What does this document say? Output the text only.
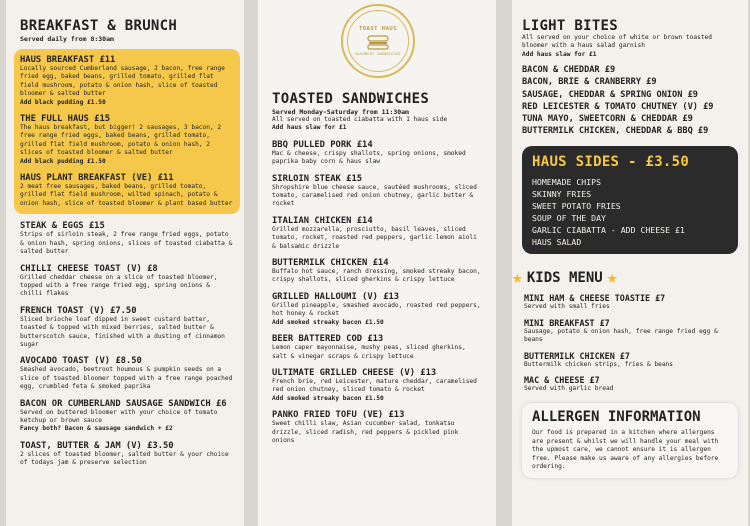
BREAKFAST & BRUNCH
Served daily from 8:30am
HAUS BREAKFAST £11
Locally sourced Cumberland sausage, 2 bacon, free range fried egg, baked beans, grilled tomato, grilled flat field mushroom, potato & onion hash, slice of toasted bloomer & salted butter
Add black pudding £1.50
THE FULL HAUS £15
The haus breakfast, but bigger! 2 sausages, 3 bacon, 2 free range fried eggs, baked beans, grilled tomato, grilled flat field mushroom, potato & onion hash, 2 slices of toasted bloomer & salted butter
Add black pudding £1.50
HAUS PLANT BREAKFAST (VE) £11
2 meat free sausages, baked beans, grilled tomato, grilled flat field mushroom, wilted spinach, potato & onion hash, slice of toasted bloomer & plant based butter
STEAK & EGGS £15
Strips of sirloin steak, 2 free range fried eggs, potato & onion hash, spring onions, slices of toasted ciabatta & salted butter
CHILLI CHEESE TOAST (V) £8
Grilled cheddar cheese on a slice of toasted bloomer, topped with a free range fried egg, spring onions & chilli flakes
FRENCH TOAST (V) £7.50
Sliced brioche loaf dipped in sweet custard batter, toasted & topped with mixed berries, salted butter & butterscotch sauce, finished with a dusting of cinnamon sugar
AVOCADO TOAST (V) £8.50
Smashed avocado, beetroot houmous & pumpkin seeds on a slice of toasted bloomer topped with a free range poached egg, crumbled feta & smoked paprika
BACON OR CUMBERLAND SAUSAGE SANDWICH £6
Served on buttered bloomer with your choice of tomato ketchup or brown sauce
Fancy both? Bacon & sausage sandwich + £2
TOAST, BUTTER & JAM (V) £3.50
2 slices of toasted bloomer, salted butter & your choice of todays jam & preserve selection
TOAST HAUS
BLOOMERY SANDWICHES
TOASTED SANDWICHES
Served Monday-Saturday from 11:30am
All served on toasted ciabatta with 1 haus side
Add haus slaw for £1
BBQ PULLED PORK £14
Mac & cheese, crispy shallots, spring onions, smoked paprika baby corn & haus slaw
SIRLOIN STEAK £15
Shropshire blue cheese sauce, sautéed mushrooms, sliced tomato, caramelised red onion chutney, garlic butter & rocket
ITALIAN CHICKEN £14
Grilled mozzarella, prosciutto, basil leaves, sliced tomato, rocket, roasted red peppers, garlic lemon aioli & balsamic drizzle
BUTTERMILK CHICKEN £14
Buffalo hot sauce, ranch dressing, smoked streaky bacon, crispy shallots, sliced gherkins & crispy lettuce
GRILLED HALLOUMI (V) £13
Grilled pineapple, smashed avocado, roasted red peppers, hot honey & rocket
Add smoked streaky bacon £1.50
BEER BATTERED COD £13
Lemon caper mayonnaise, mushy peas, sliced gherkins, salt & vinegar scraps & crispy lettuce
ULTIMATE GRILLED CHEESE (V) £13
French brie, red Leicester, mature cheddar, caramelised red onion chutney, sliced tomato & rocket
Add smoked streaky bacon £1.50
PANKO FRIED TOFU (VE) £13
Sweet chilli slaw, Asian cucumber salad, tonkatsu drizzle, sliced radish, red peppers & pickled pink onions
LIGHT BITES
All served on your choice of white or brown toasted bloomer with a haus salad garnish
Add haus slaw for £1
BACON & CHEDDAR £9
BACON, BRIE & CRANBERRY £9
SAUSAGE, CHEDDAR & SPRING ONION £9
RED LEICESTER & TOMATO CHUTNEY (V) £9
TUNA MAYO, SWEETCORN & CHEDDAR £9
BUTTERMILK CHICKEN, CHEDDAR & BBQ £9
HAUS SIDES - £3.50
HOMEMADE CHIPS
SKINNY FRIES
SWEET POTATO FRIES
SOUP OF THE DAY
GARLIC CIABATTA - ADD CHEESE £1
HAUS SALAD
★ KIDS MENU ★
MINI HAM & CHEESE TOASTIE £7
Served with small fries
MINI BREAKFAST £7
Sausage, potato & onion hash, free range fried egg & beans
BUTTERMILK CHICKEN £7
Buttermilk chicken strips, fries & beans
MAC & CHEESE £7
Served with garlic bread
ALLERGEN INFORMATION
Our food is prepared in a kitchen where allergens are present & whilst we will handle your meal with the upmost care, we cannot ensure it is allergen free. Please make us aware of any allergies before ordering.
